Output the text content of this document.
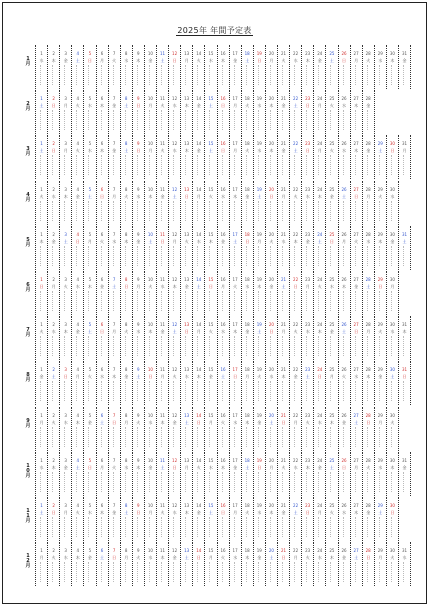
2025年 年間予定表
1
月
1
水
2
木
3
金
4
土
5
日
6
月
7
火
8
水
9
木
10
金
11
土
12
日
13
月
14
火
15
水
16
木
17
金
18
土
19
日
20
月
21
火
22
水
23
木
24
金
25
土
26
日
27
月
28
火
29
水
30
木
31
金
2
月
1
土
2
日
3
月
4
火
5
水
6
木
7
金
8
土
9
日
10
月
11
火
12
水
13
木
14
金
15
土
16
日
17
月
18
火
19
水
20
木
21
金
22
土
23
日
24
月
25
火
26
水
27
木
28
金
3
月
1
土
2
日
3
月
4
火
5
水
6
木
7
金
8
土
9
日
10
月
11
火
12
水
13
木
14
金
15
土
16
日
17
月
18
火
19
水
20
木
21
金
22
土
23
日
24
月
25
火
26
水
27
木
28
金
29
土
30
日
31
月
4
月
1
火
2
水
3
木
4
金
5
土
6
日
7
月
8
火
9
水
10
木
11
金
12
土
13
日
14
月
15
火
16
水
17
木
18
金
19
土
20
日
21
月
22
火
23
水
24
木
25
金
26
土
27
日
28
月
29
火
30
水
5
月
1
木
2
金
3
土
4
日
5
月
6
火
7
水
8
木
9
金
10
土
11
日
12
月
13
火
14
水
15
木
16
金
17
土
18
日
19
月
20
火
21
水
22
木
23
金
24
土
25
日
26
月
27
火
28
水
29
木
30
金
31
土
6
月
1
日
2
月
3
火
4
水
5
木
6
金
7
土
8
日
9
月
10
火
11
水
12
木
13
金
14
土
15
日
16
月
17
火
18
水
19
木
20
金
21
土
22
日
23
月
24
火
25
水
26
木
27
金
28
土
29
日
30
月
7
月
1
火
2
水
3
木
4
金
5
土
6
日
7
月
8
火
9
水
10
木
11
金
12
土
13
日
14
月
15
火
16
水
17
木
18
金
19
土
20
日
21
月
22
火
23
水
24
木
25
金
26
土
27
日
28
月
29
火
30
水
31
木
8
月
1
金
2
土
3
日
4
月
5
火
6
水
7
木
8
金
9
土
10
日
11
月
12
火
13
水
14
木
15
金
16
土
17
日
18
月
19
火
20
水
21
木
22
金
23
土
24
日
25
月
26
火
27
水
28
木
29
金
30
土
31
日
9
月
1
月
2
火
3
水
4
木
5
金
6
土
7
日
8
月
9
火
10
水
11
木
12
金
13
土
14
日
15
月
16
火
17
水
18
木
19
金
20
土
21
日
22
月
23
火
24
水
25
木
26
金
27
土
28
日
29
月
30
火
1
0
月
1
水
2
木
3
金
4
土
5
日
6
月
7
火
8
水
9
木
10
金
11
土
12
日
13
月
14
火
15
水
16
木
17
金
18
土
19
日
20
月
21
火
22
水
23
木
24
金
25
土
26
日
27
月
28
火
29
水
30
木
31
金
1
1
月
1
土
2
日
3
月
4
火
5
水
6
木
7
金
8
土
9
日
10
月
11
火
12
水
13
木
14
金
15
土
16
日
17
月
18
火
19
水
20
木
21
金
22
土
23
日
24
月
25
火
26
水
27
木
28
金
29
土
30
日
1
2
月
1
月
2
火
3
水
4
木
5
金
6
土
7
日
8
月
9
火
10
水
11
木
12
金
13
土
14
日
15
月
16
火
17
水
18
木
19
金
20
土
21
日
22
月
23
火
24
水
25
木
26
金
27
土
28
日
29
月
30
火
31
水
